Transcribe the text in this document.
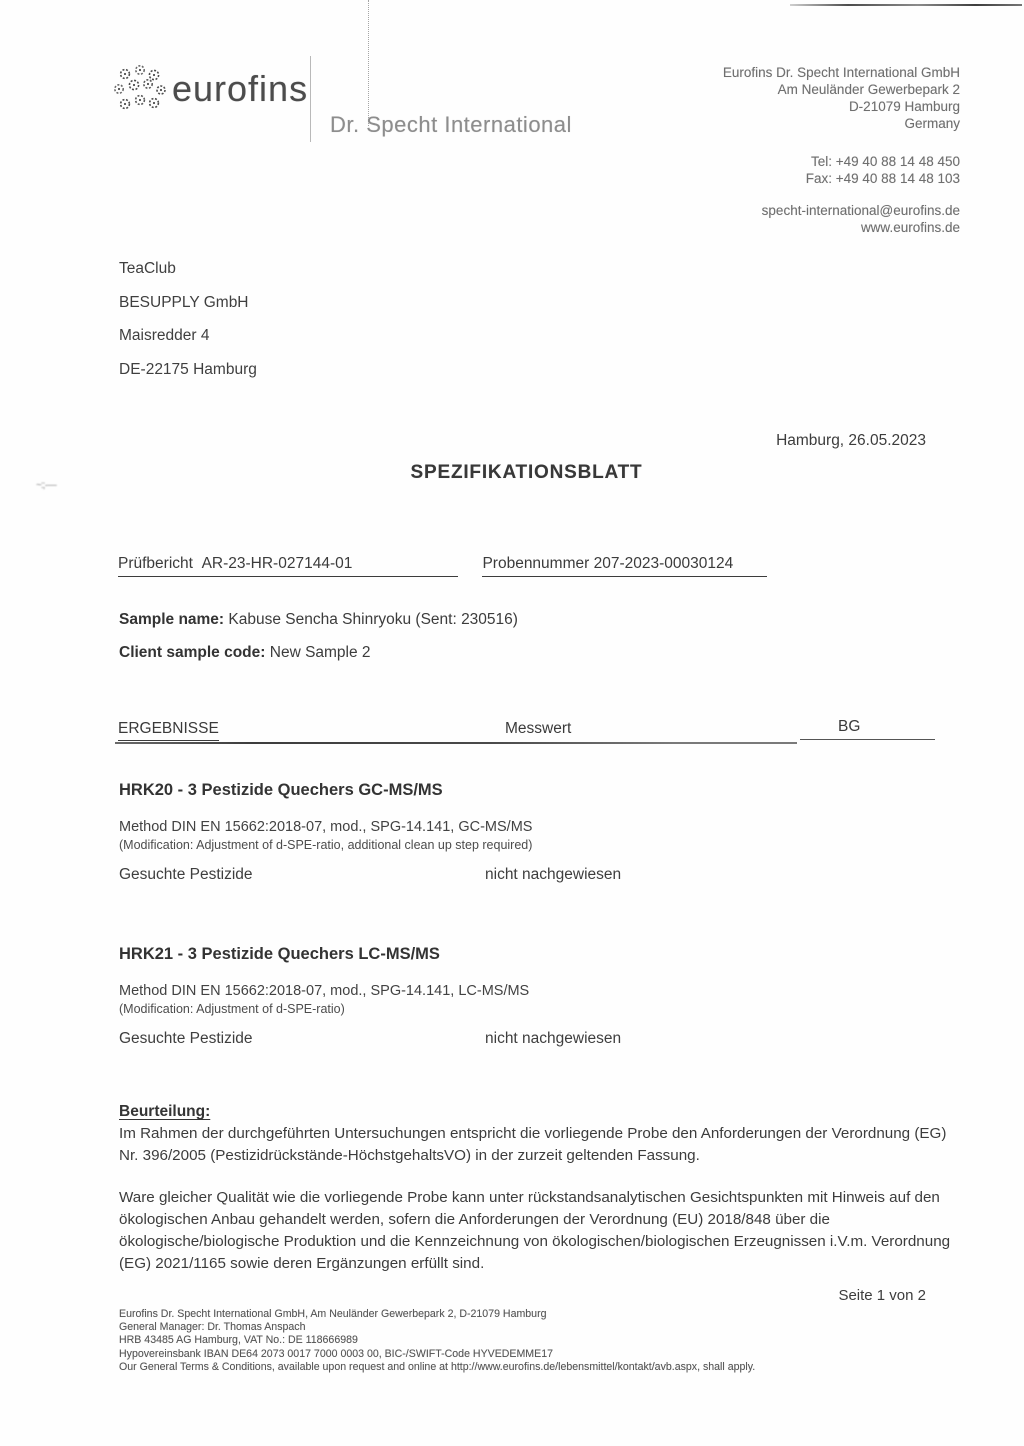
~:;·—
eurofins
Dr. Specht International
Eurofins Dr. Specht International GmbH
Am Neuländer Gewerbepark 2
D-21079 Hamburg
Germany
Tel: +49 40 88 14 48 450
Fax: +49 40 88 14 48 103
specht-international@eurofins.de
www.eurofins.de
TeaClub
BESUPPLY GmbH
Maisredder 4
DE-22175 Hamburg
Hamburg, 26.05.2023
SPEZIFIKATIONSBLATT
Prüfbericht AR-23-HR-027144-01	Probennummer 207-2023-00030124
Sample name: Kabuse Sencha Shinryoku (Sent: 230516)
Client sample code: New Sample 2
ERGEBNISSE	Messwert	BG
HRK20 - 3 Pestizide Quechers GC-MS/MS
Method DIN EN 15662:2018-07, mod., SPG-14.141, GC-MS/MS
(Modification: Adjustment of d-SPE-ratio, additional clean up step required)
Gesuchte Pestizide	nicht nachgewiesen
HRK21 - 3 Pestizide Quechers LC-MS/MS
Method DIN EN 15662:2018-07, mod., SPG-14.141, LC-MS/MS
(Modification: Adjustment of d-SPE-ratio)
Gesuchte Pestizide	nicht nachgewiesen
Beurteilung:
Im Rahmen der durchgeführten Untersuchungen entspricht die vorliegende Probe den Anforderungen der Verordnung (EG) Nr. 396/2005 (Pestizidrückstände-HöchstgehaltsVO) in der zurzeit geltenden Fassung.
Ware gleicher Qualität wie die vorliegende Probe kann unter rückstandsanalytischen Gesichtspunkten mit Hinweis auf den ökologischen Anbau gehandelt werden, sofern die Anforderungen der Verordnung (EU) 2018/848 über die ökologische/biologische Produktion und die Kennzeichnung von ökologischen/biologischen Erzeugnissen i.V.m. Verordnung (EG) 2021/1165 sowie deren Ergänzungen erfüllt sind.
Seite 1 von 2
Eurofins Dr. Specht International GmbH, Am Neuländer Gewerbepark 2, D-21079 Hamburg
General Manager: Dr. Thomas Anspach
HRB 43485 AG Hamburg, VAT No.: DE 118666989
Hypovereinsbank IBAN DE64 2073 0017 7000 0003 00, BIC-/SWIFT-Code HYVEDEMME17
Our General Terms & Conditions, available upon request and online at http://www.eurofins.de/lebensmittel/kontakt/avb.aspx, shall apply.
